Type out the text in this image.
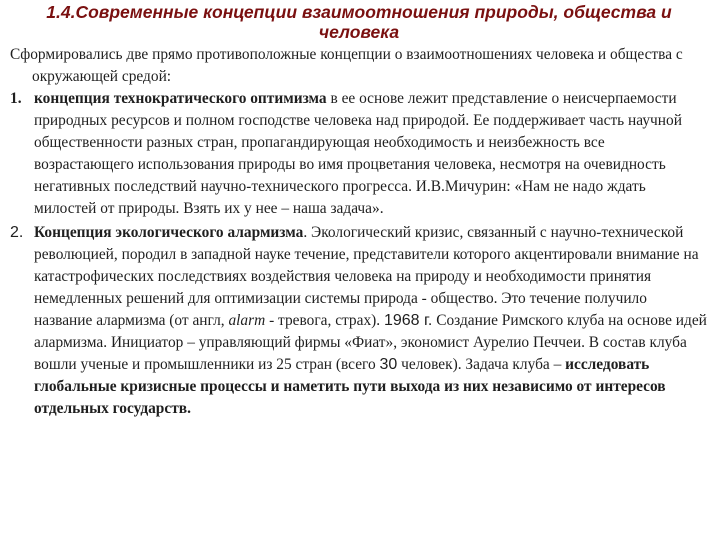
1.4.Современные концепции взаимоотношения природы, общества и человека

Сформировались две прямо противоположные концепции о взаимоотношениях человека и общества с окружающей средой:

1. концепция технократического оптимизма в ее основе лежит представление о неисчерпаемости природных ресурсов и полном господстве человека над природой. Ее поддерживает часть научной общественности разных стран, пропагандирующая необходимость и неизбежность все возрастающего использования природы во имя процветания человека, несмотря на очевидность негативных последствий научно-технического прогресса. И.В.Мичурин: «Нам не надо ждать милостей от природы. Взять их у нее – наша задача».
2. Концепция экологического алармизма. Экологический кризис, связанный с научно-технической революцией, породил в западной науке течение, представители которого акцентировали внимание на катастрофических последствиях воздействия человека на природу и необходимости принятия немедленных решений для оптимизации системы природа - общество. Это течение получило название алармизма (от англ, alarm - тревога, страх). 1968 г. Создание Римского клуба на основе идей алармизма. Инициатор – управляющий фирмы «Фиат», экономист Аурелио Печчеи. В состав клуба вошли ученые и промышленники из 25 стран (всего 30 человек). Задача клуба – исследовать глобальные кризисные процессы и наметить пути выхода из них независимо от интересов отдельных государств.
